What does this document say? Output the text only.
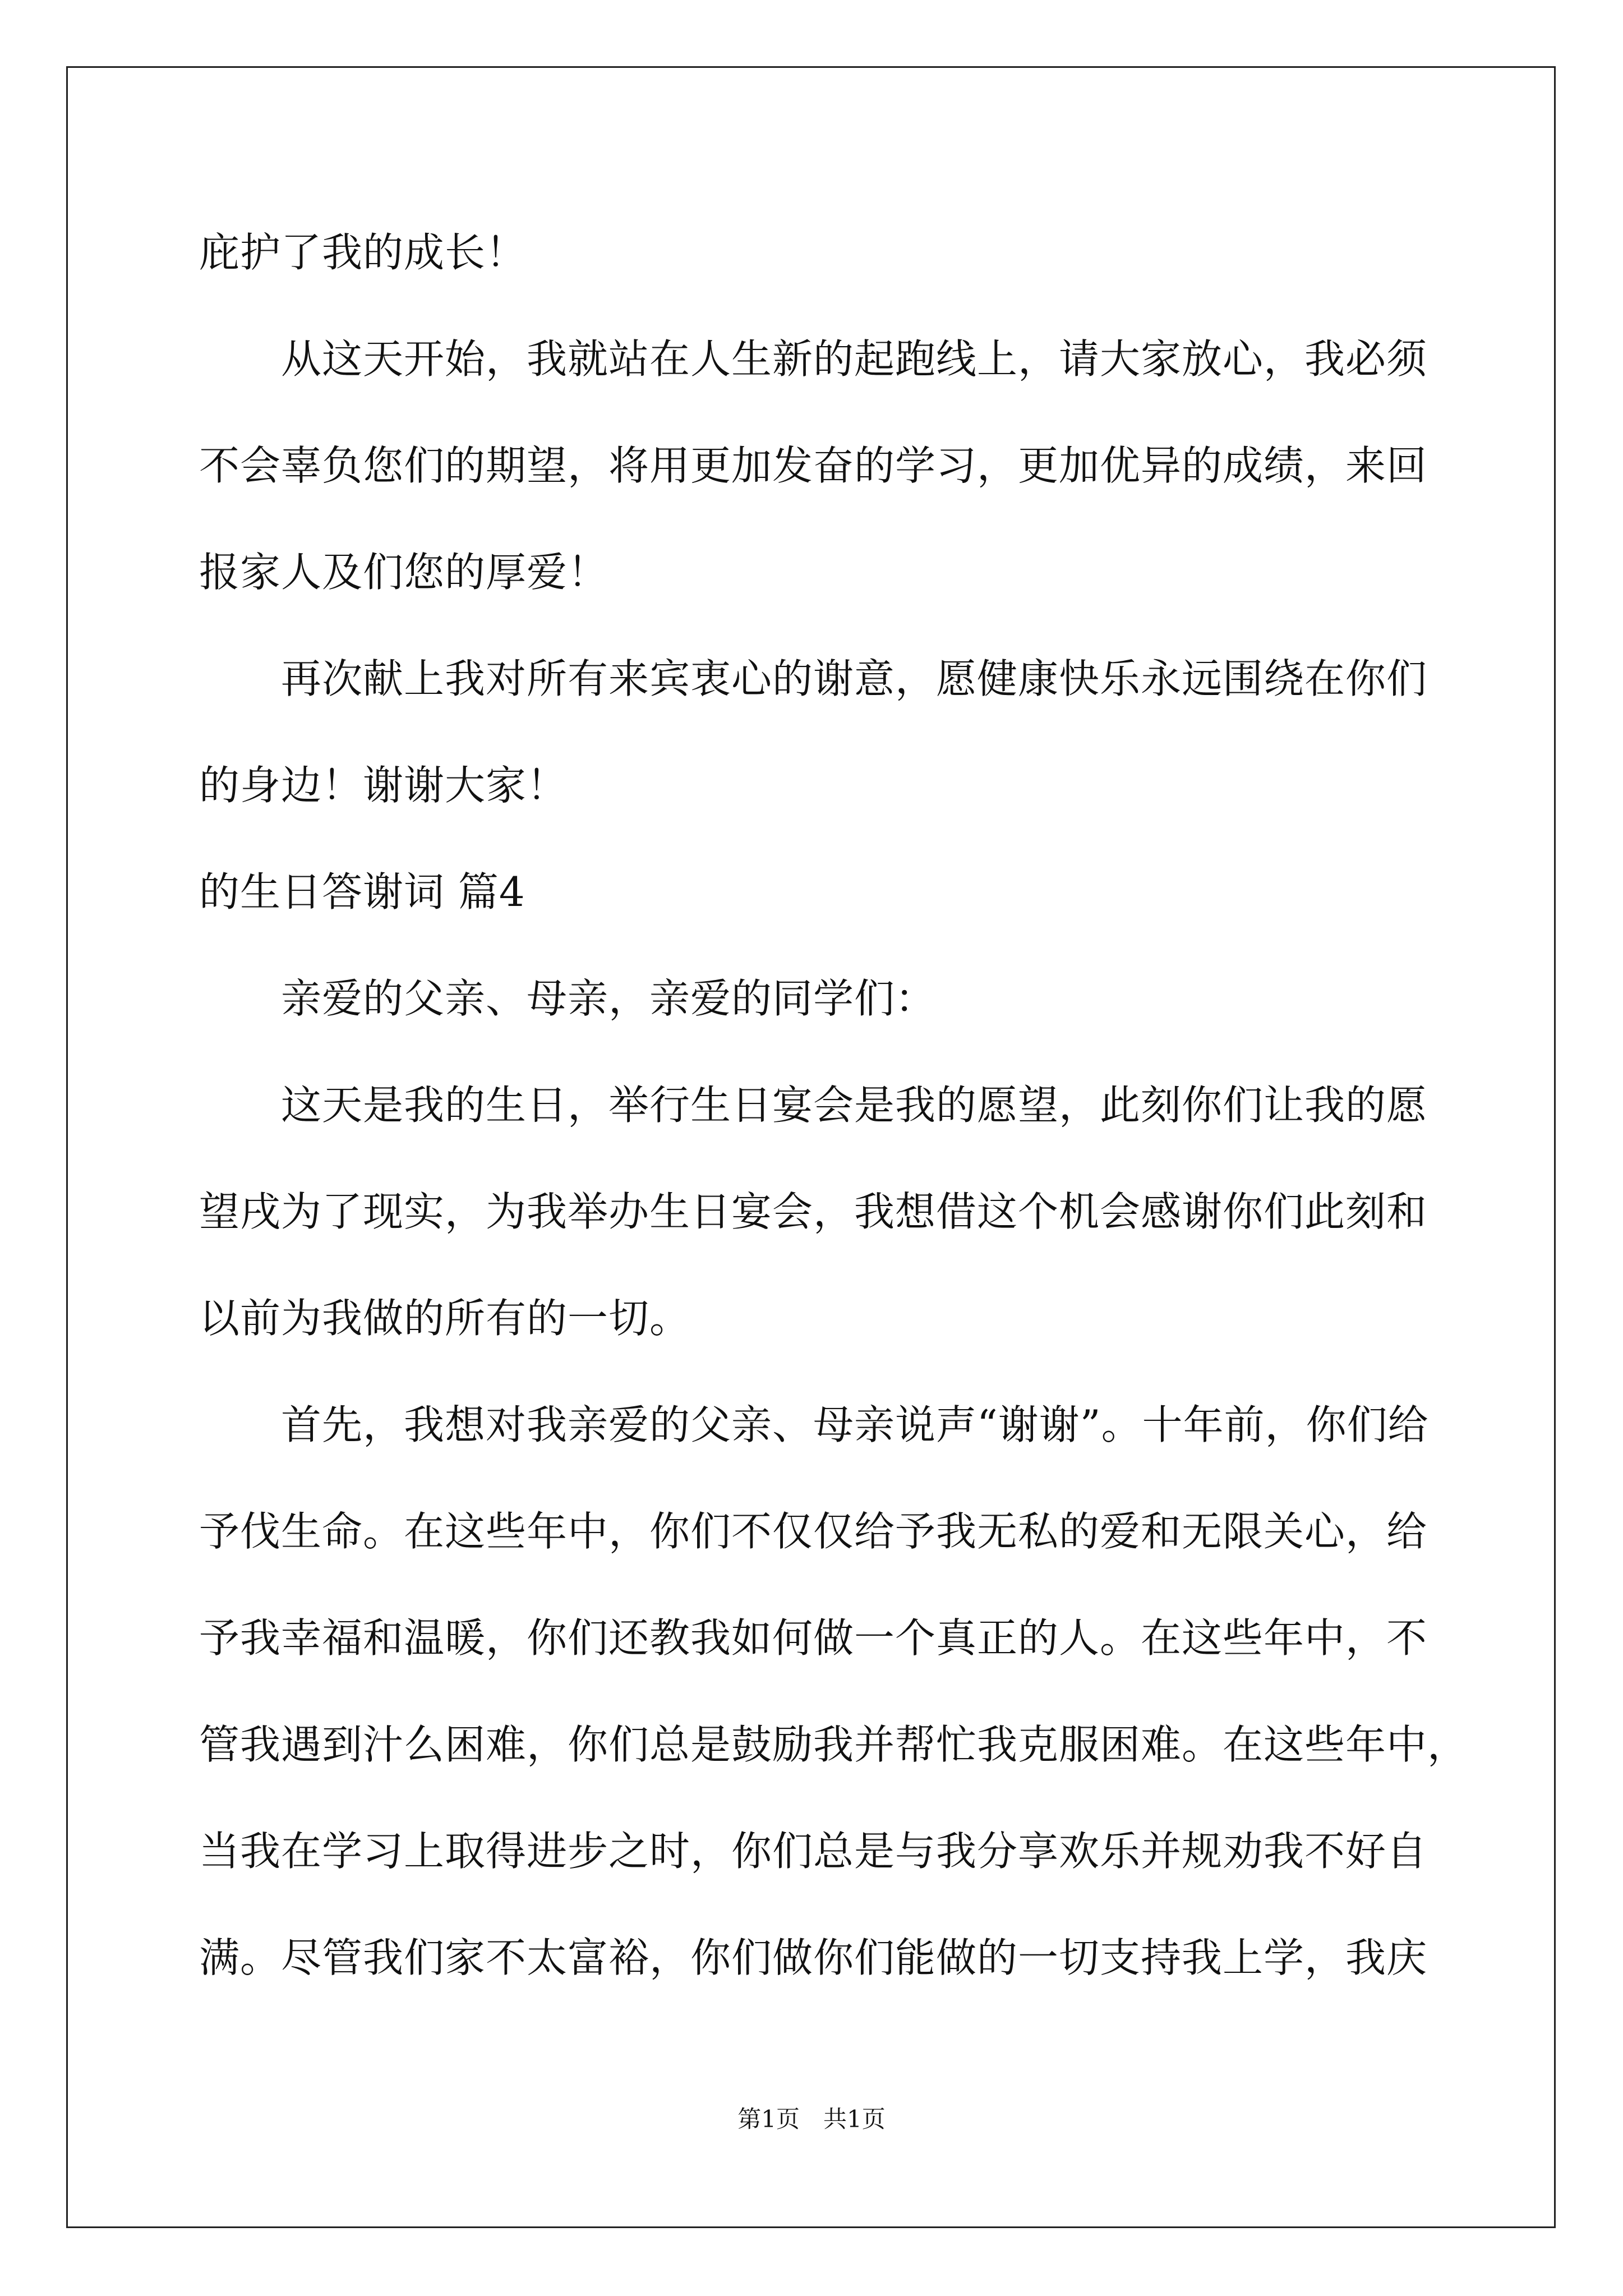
庇护了我的成长！

　　从这天开始，我就站在人生新的起跑线上，请大家放心，我必须

不会辜负您们的期望，将用更加发奋的学习，更加优异的成绩，来回

报家人及们您的厚爱！

　　再次献上我对所有来宾衷心的谢意，愿健康快乐永远围绕在你们

的身边！谢谢大家！

的生日答谢词 篇4

　　亲爱的父亲、母亲，亲爱的同学们：

　　这天是我的生日，举行生日宴会是我的愿望，此刻你们让我的愿

望戌为了现实，为我举办生日宴会，我想借这个机会感谢你们此刻和

以前为我做的所有的一切。

　　首先，我想对我亲爱的父亲、母亲说声“谢谢”。十年前，你们给

予伐生命。在这些年中，你们不仅仅给予我无私的爱和无限关心，给

予我幸福和温暖，你们还教我如何做一个真正的人。在这些年中，不

管我遇到汁么困难，你们总是鼓励我并帮忙我克服困难。在这些年中，

当我在学习上取得进步之时，你们总是与我分享欢乐并规劝我不好自

满。尽管我们家不太富裕，你们做你们能做的一切支持我上学，我庆

第1页　共1页
